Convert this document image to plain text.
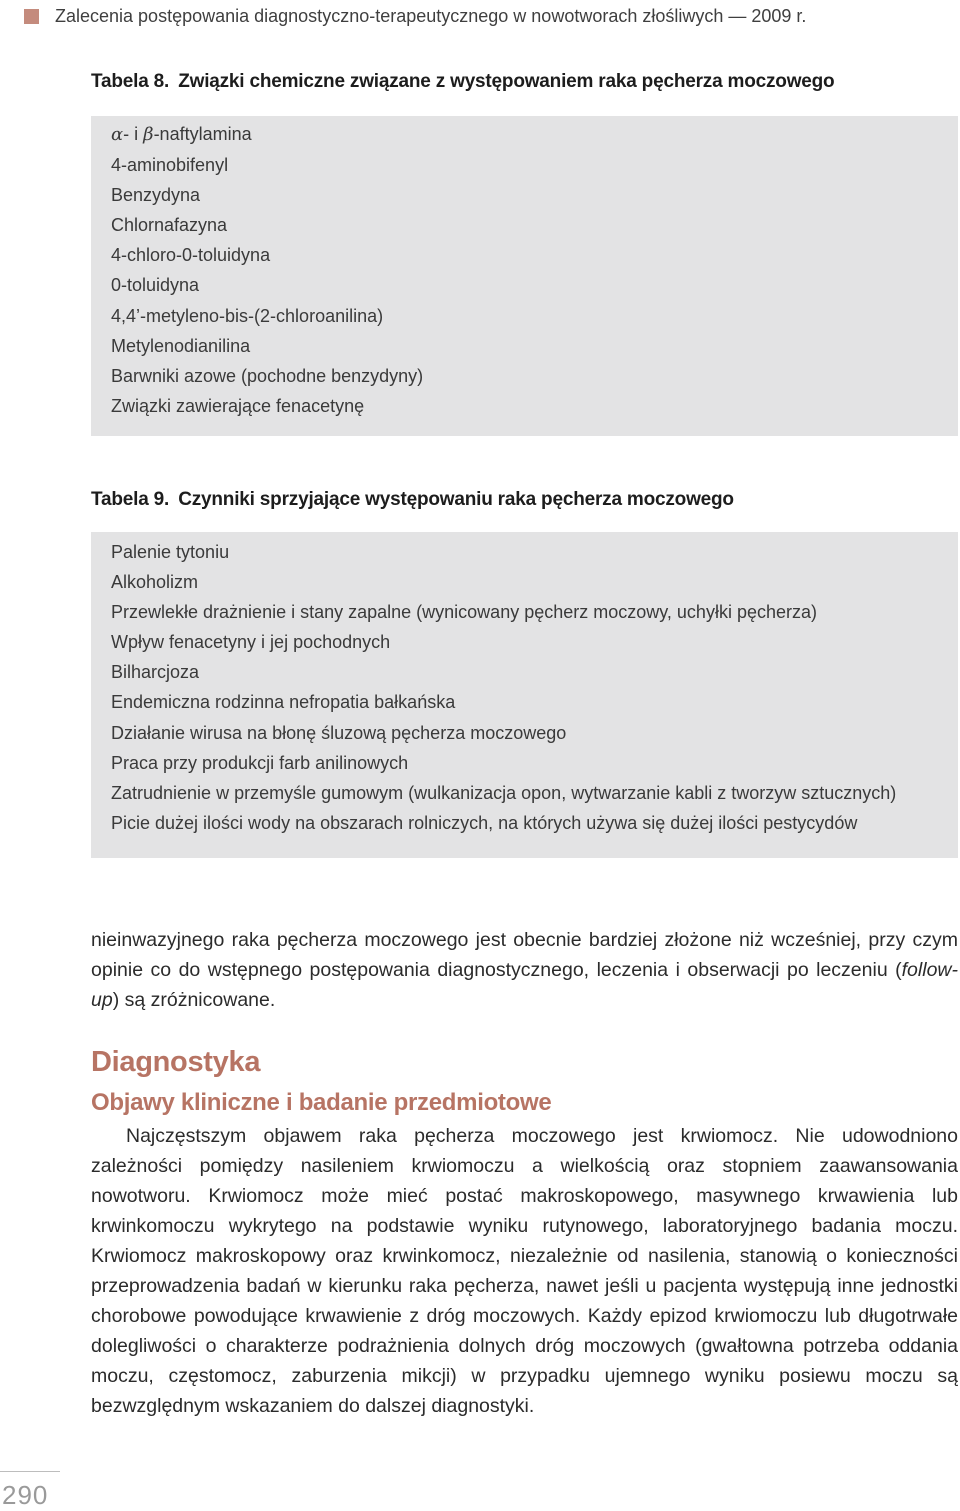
Zalecenia postępowania diagnostyczno-terapeutycznego w nowotworach złośliwych — 2009 r.
Tabela 8. Związki chemiczne związane z występowaniem raka pęcherza moczowego
α- i β-naftylamina
4-aminobifenyl
Benzydyna
Chlornafazyna
4-chloro-0-toluidyna
0-toluidyna
4,4’-metyleno-bis-(2-chloroanilina)
Metylenodianilina
Barwniki azowe (pochodne benzydyny)
Związki zawierające fenacetynę
Tabela 9. Czynniki sprzyjające występowaniu raka pęcherza moczowego
Palenie tytoniu
Alkoholizm
Przewlekłe drażnienie i stany zapalne (wynicowany pęcherz moczowy, uchyłki pęcherza)
Wpływ fenacetyny i jej pochodnych
Bilharcjoza
Endemiczna rodzinna nefropatia bałkańska
Działanie wirusa na błonę śluzową pęcherza moczowego
Praca przy produkcji farb anilinowych
Zatrudnienie w przemyśle gumowym (wulkanizacja opon, wytwarzanie kabli z tworzyw sztucznych)
Picie dużej ilości wody na obszarach rolniczych, na których używa się dużej ilości pestycydów

nieinwazyjnego raka pęcherza moczowego jest obecnie bardziej złożone niż wcześniej, przy czym opinie co do wstępnego postępowania diagnostycznego, leczenia i obserwacji po leczeniu (follow-up) są zróżnicowane.

Diagnostyka
Objawy kliniczne i badanie przedmiotowe

Najczęstszym objawem raka pęcherza moczowego jest krwiomocz. Nie udowodniono zależności pomiędzy nasileniem krwiomoczu a wielkością oraz stopniem zaawansowania nowotworu. Krwiomocz może mieć postać makroskopowego, masywnego krwawienia lub krwinkomoczu wykrytego na podstawie wyniku rutynowego, laboratoryjnego badania moczu. Krwiomocz makroskopowy oraz krwinkomocz, niezależnie od nasilenia, stanowią o konieczności przeprowadzenia badań w kierunku raka pęcherza, nawet jeśli u pacjenta występują inne jednostki chorobowe powodujące krwawienie z dróg moczowych. Każdy epizod krwiomoczu lub długotrwałe dolegliwości o charakterze podrażnienia dolnych dróg moczowych (gwałtowna potrzeba oddania moczu, częstomocz, zaburzenia mikcji) w przypadku ujemnego wyniku posiewu moczu są bezwzględnym wskazaniem do dalszej diagnostyki.

290
